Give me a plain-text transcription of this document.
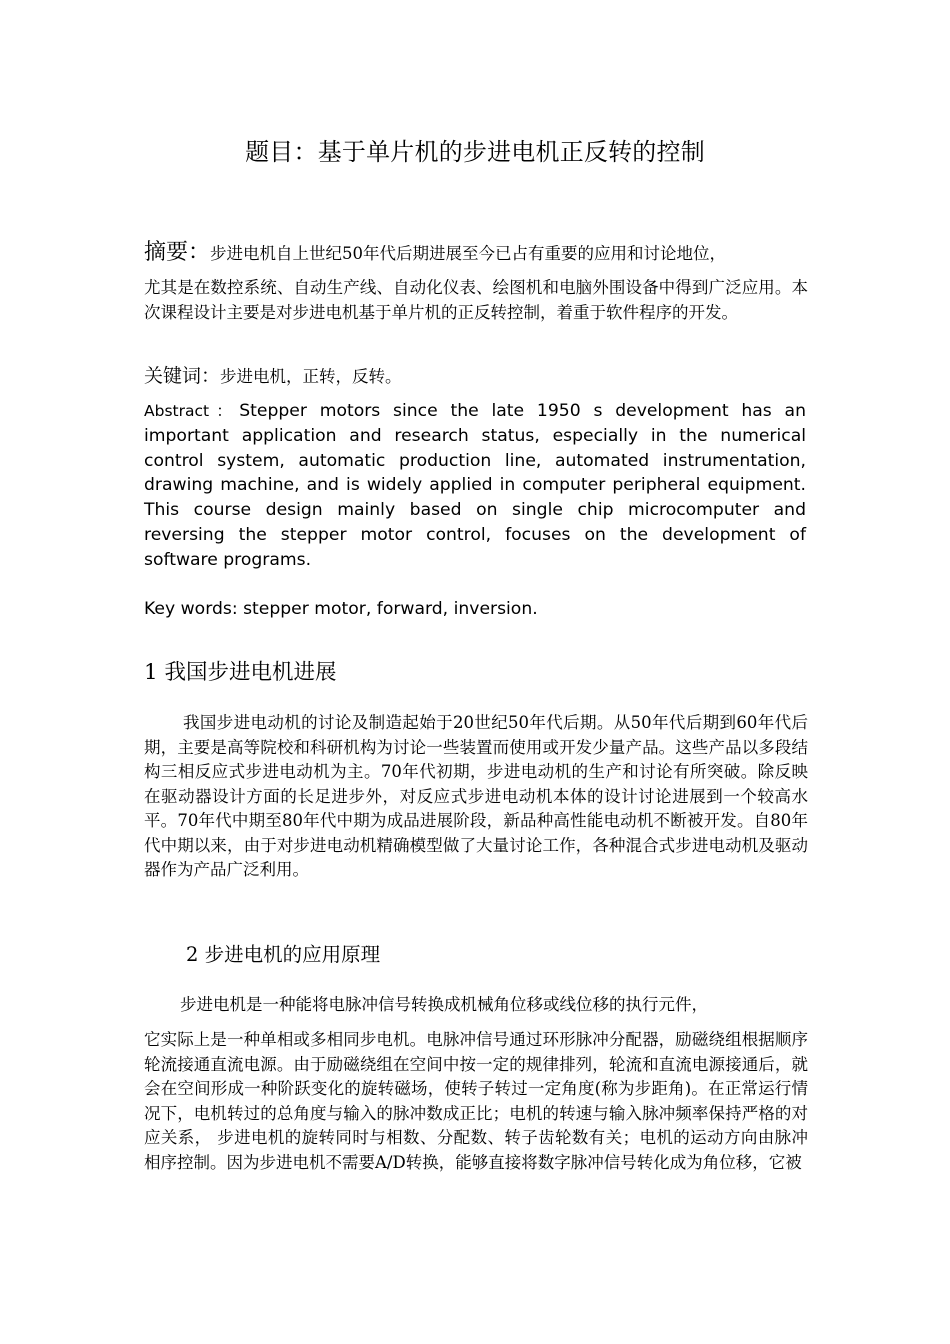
题目：基于单片机的步进电机正反转的控制
摘要：步进电机自上世纪50年代后期进展至今已占有重要的应用和讨论地位，
尤其是在数控系统、自动生产线、自动化仪表、绘图机和电脑外围设备中得到广泛应用。本次课程设计主要是对步进电机基于单片机的正反转控制，着重于软件程序的开发。
关键词：步进电机，正转，反转。
Abstract：Stepper motors since the late 1950 s development has an important application and research status, especially in the numerical control system, automatic production line, automated instrumentation, drawing machine, and is widely applied in computer peripheral equipment. This course design mainly based on single chip microcomputer and reversing the stepper motor control, focuses on the development of software programs.
Key words: stepper motor, forward, inversion.
1 我国步进电机进展
我国步进电动机的讨论及制造起始于20世纪50年代后期。从50年代后期到60年代后期，主要是高等院校和科研机构为讨论一些装置而使用或开发少量产品。这些产品以多段结构三相反应式步进电动机为主。70年代初期，步进电动机的生产和讨论有所突破。除反映在驱动器设计方面的长足进步外，对反应式步进电动机本体的设计讨论进展到一个较高水平。70年代中期至80年代中期为成品进展阶段，新品种高性能电动机不断被开发。自80年代中期以来，由于对步进电动机精确模型做了大量讨论工作，各种混合式步进电动机及驱动器作为产品广泛利用。
2 步进电机的应用原理
步进电机是一种能将电脉冲信号转换成机械角位移或线位移的执行元件，
它实际上是一种单相或多相同步电机。电脉冲信号通过环形脉冲分配器，励磁绕组根据顺序轮流接通直流电源。由于励磁绕组在空间中按一定的规律排列，轮流和直流电源接通后，就会在空间形成一种阶跃变化的旋转磁场，使转子转过一定角度(称为步距角)。在正常运行情况下，电机转过的总角度与输入的脉冲数成正比；电机的转速与输入脉冲频率保持严格的对应关系， 步进电机的旋转同时与相数、分配数、转子齿轮数有关；电机的运动方向由脉冲相序控制。因为步进电机不需要A/D转换，能够直接将数字脉冲信号转化成为角位移，它被
